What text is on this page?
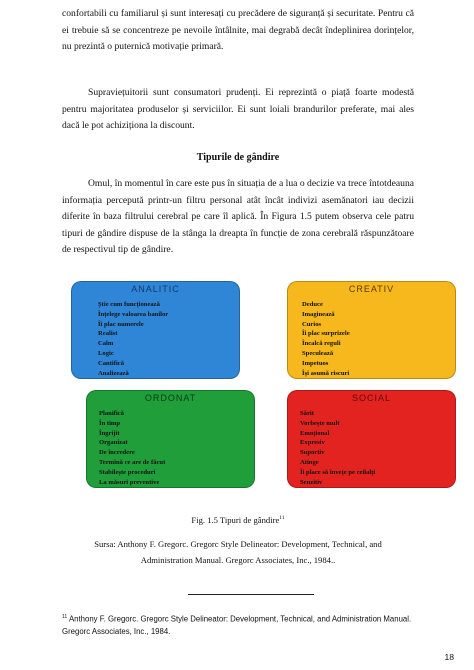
confortabili cu familiarul și sunt interesați cu precădere de siguranță și securitate. Pentru că ei trebuie să se concentreze pe nevoile întâlnite, mai degrabă decât îndeplinirea dorințelor, nu prezintă o puternică motivație primară.

Supraviețuitorii sunt consumatori prudenți. Ei reprezintă o piață foarte modestă pentru majoritatea produselor și serviciilor. Ei sunt loiali brandurilor preferate, mai ales dacă le pot achiziționa la discount.

Tipurile de gândire

Omul, în momentul în care este pus în situația de a lua o decizie va trece întotdeauna informația percepută printr-un filtru personal atât încât indivizi asemănatori iau decizii diferite în baza filtrului cerebral pe care îl aplică. În Figura 1.5 putem observa cele patru tipuri de gândire dispuse de la stânga la dreapta în funcție de zona cerebrală răspunzătoare de respectivul tip de gândire.

ANALITIC

Știe cum funcționează
Înțelege valoarea banilor
Îi plac numerele
Realist
Calm
Logic
Cantifică
Analizează

CREATIV

Deduce
Imaginează
Curios
Îi plac surprizele
Încalcă reguli
Speculează
Impetuos
Își asumă riscuri

ORDONAT

Planifică
În timp
Îngrijit
Organizat
De încredere
Termină ce are de făcut
Stabilește proceduri
La măsuri preventive

SOCIAL

Sărit
Vorbește mult
Emoțional
Expresiv
Suportiv
Atinge
Îi place să învețe pe ceilalți
Senzitiv

Fig. 1.5 Tipuri de gândire$^{11}$

Sursa: Anthony F. Gregorc. Gregorc Style Delineator: Development, Technical, and
Administration Manual. Gregorc Associates, Inc., 1984..

$^{11}$ Anthony F. Gregorc. Gregorc Style Delineator: Development, Technical, and Administration Manual. Gregorc Associates, Inc., 1984.

18
